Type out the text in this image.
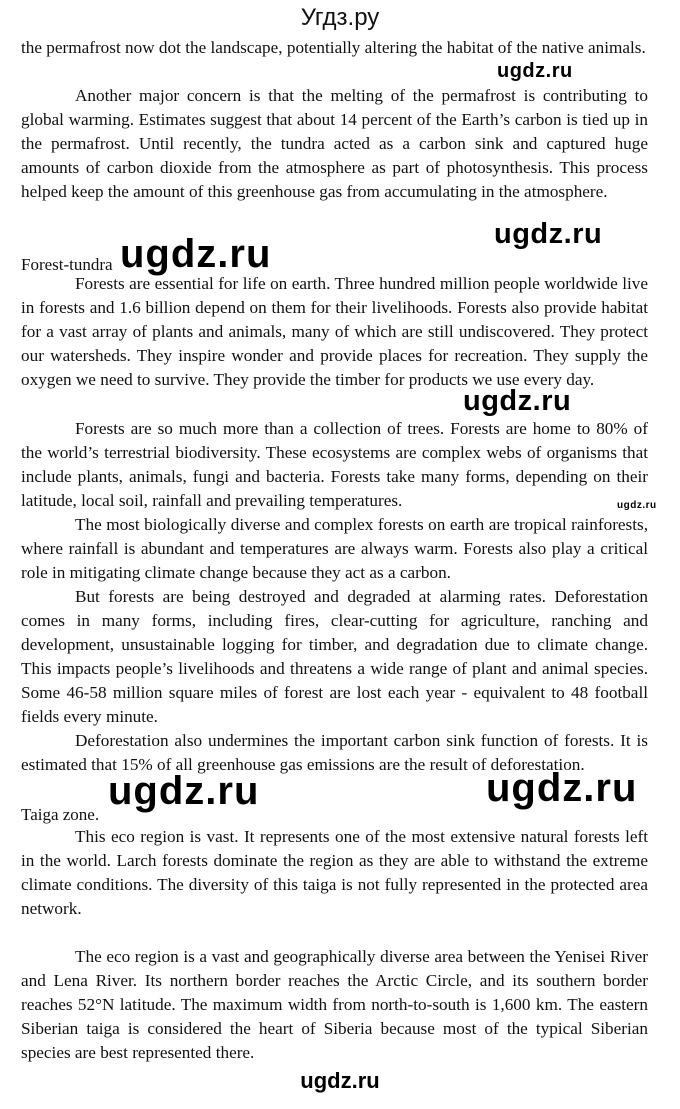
Угдз.ру

the permafrost now dot the landscape, potentially altering the habitat of the native animals.

Another major concern is that the melting of the permafrost is contributing to global warming. Estimates suggest that about 14 percent of the Earth’s carbon is tied up in the permafrost. Until recently, the tundra acted as a carbon sink and captured huge amounts of carbon dioxide from the atmosphere as part of photosynthesis. This process helped keep the amount of this greenhouse gas from accumulating in the atmosphere.

Forest-tundra

Forests are essential for life on earth. Three hundred million people worldwide live in forests and 1.6 billion depend on them for their livelihoods. Forests also provide habitat for a vast array of plants and animals, many of which are still undiscovered. They protect our watersheds. They inspire wonder and provide places for recreation. They supply the oxygen we need to survive. They provide the timber for products we use every day.

Forests are so much more than a collection of trees. Forests are home to 80% of the world’s terrestrial biodiversity. These ecosystems are complex webs of organisms that include plants, animals, fungi and bacteria. Forests take many forms, depending on their latitude, local soil, rainfall and prevailing temperatures.

The most biologically diverse and complex forests on earth are tropical rainforests, where rainfall is abundant and temperatures are always warm. Forests also play a critical role in mitigating climate change because they act as a carbon.

But forests are being destroyed and degraded at alarming rates. Deforestation comes in many forms, including fires, clear-cutting for agriculture, ranching and development, unsustainable logging for timber, and degradation due to climate change. This impacts people’s livelihoods and threatens a wide range of plant and animal species. Some 46-58 million square miles of forest are lost each year - equivalent to 48 football fields every minute.

Deforestation also undermines the important carbon sink function of forests. It is estimated that 15% of all greenhouse gas emissions are the result of deforestation.

Taiga zone.

This eco region is vast. It represents one of the most extensive natural forests left in the world. Larch forests dominate the region as they are able to withstand the extreme climate conditions. The diversity of this taiga is not fully represented in the protected area network.

The eco region is a vast and geographically diverse area between the Yenisei River and Lena River. Its northern border reaches the Arctic Circle, and its southern border reaches 52°N latitude. The maximum width from north-to-south is 1,600 km. The eastern Siberian taiga is considered the heart of Siberia because most of the typical Siberian species are best represented there.

ugdz.ru
ugdz.ru
ugdz.ru
ugdz.ru
ugdz.ru
ugdz.ru	ugdz.ru
ugdz.ru
